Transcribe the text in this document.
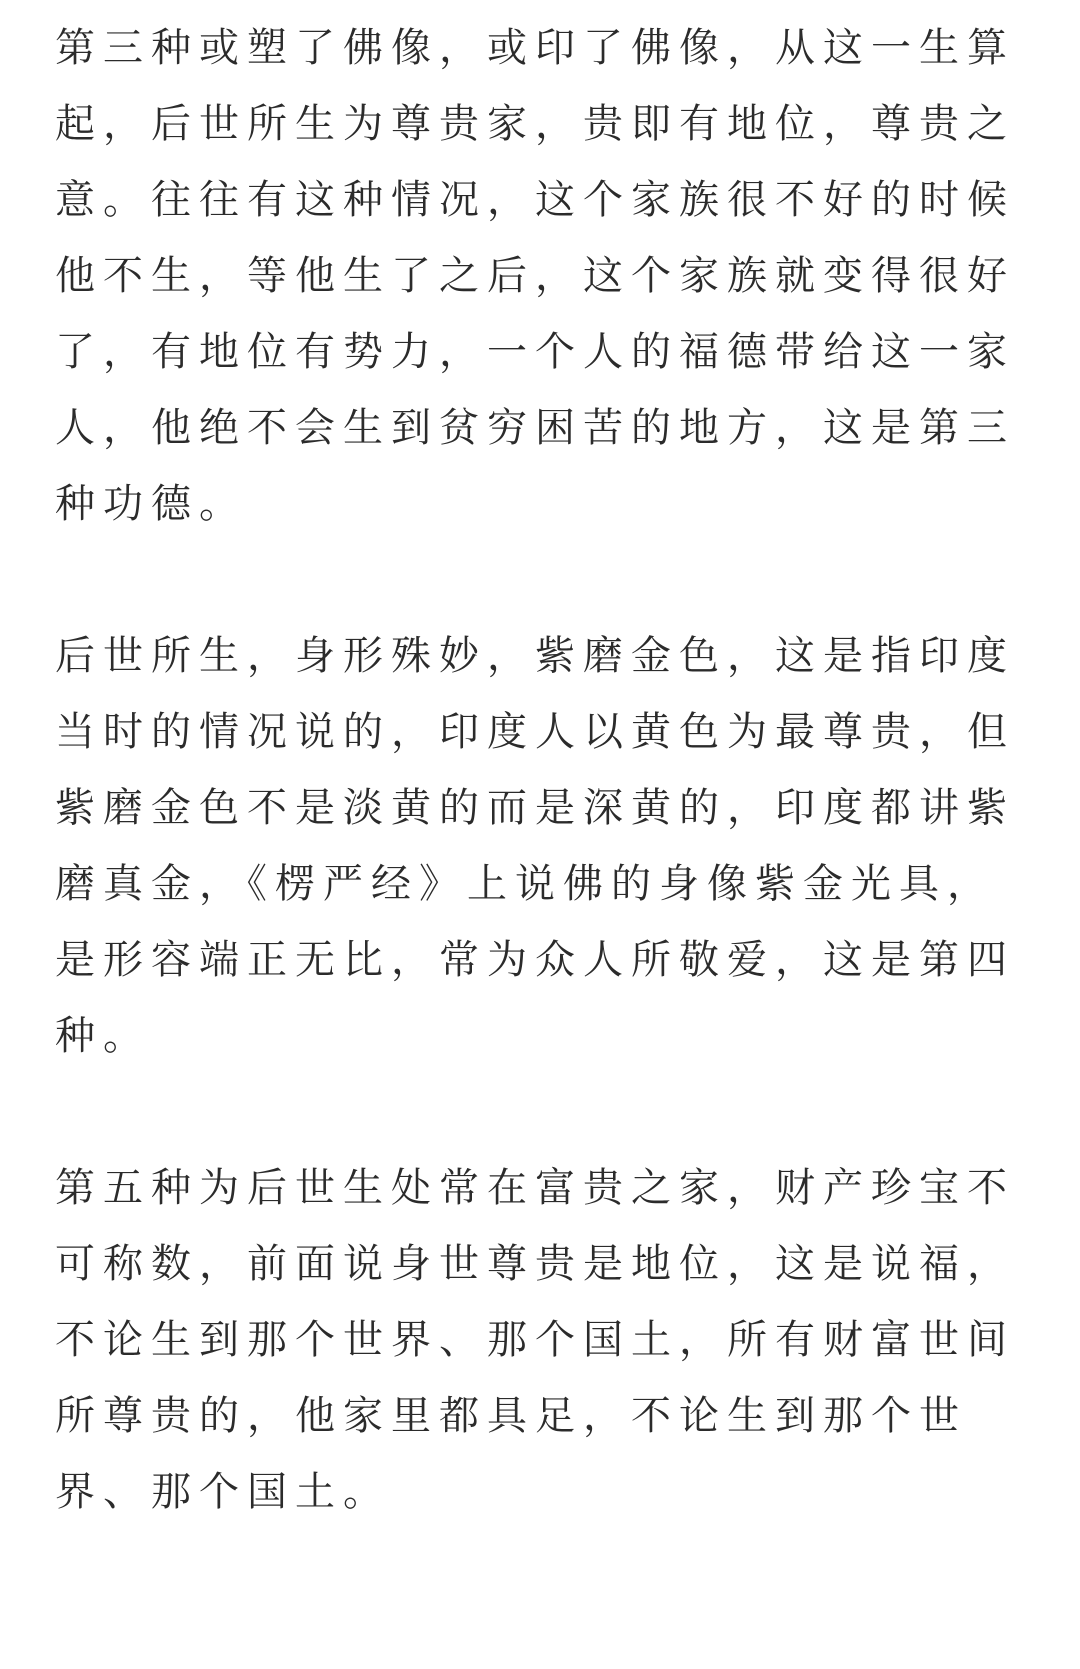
第三种或塑了佛像，或印了佛像，从这一生算起，后世所生为尊贵家，贵即有地位，尊贵之意。往往有这种情况，这个家族很不好的时候他不生，等他生了之后，这个家族就变得很好了，有地位有势力，一个人的福德带给这一家人，他绝不会生到贫穷困苦的地方，这是第三种功德。

后世所生，身形殊妙，紫磨金色，这是指印度当时的情况说的，印度人以黄色为最尊贵，但紫磨金色不是淡黄的而是深黄的，印度都讲紫磨真金，《楞严经》上说佛的身像紫金光具，是形容端正无比，常为众人所敬爱，这是第四种。

第五种为后世生处常在富贵之家，财产珍宝不可称数，前面说身世尊贵是地位，这是说福，不论生到那个世界、那个国土，所有财富世间所尊贵的，他家里都具足，不论生到那个世界、那个国土。
